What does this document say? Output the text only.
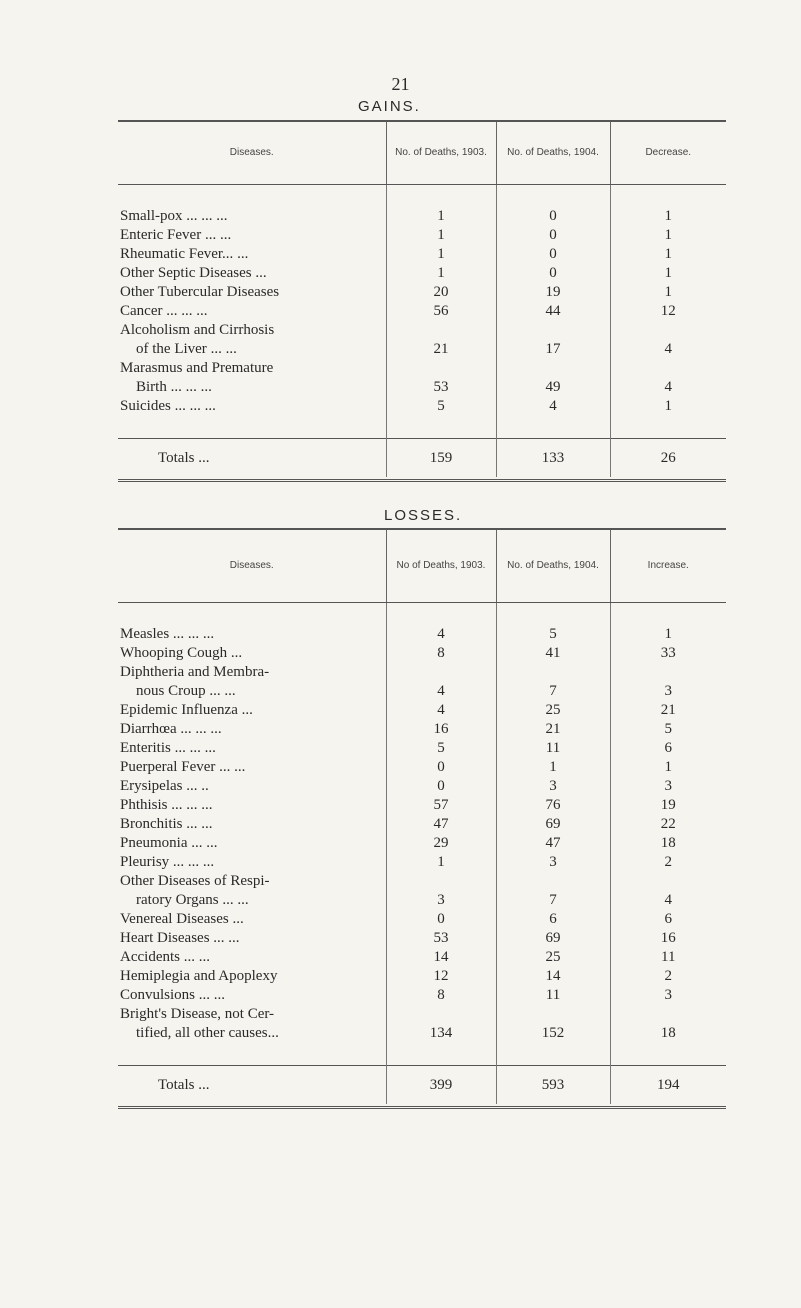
21
GAINS.
Diseases.	No. of Deaths, 1903.	No. of Deaths, 1904.	Decrease.

Small-pox ... ... ...	1	0	1
Enteric Fever ... ...	1	0	1
Rheumatic Fever... ...	1	0	1
Other Septic Diseases ...	1	0	1
Other Tubercular Diseases	20	19	1
Cancer ... ... ...	56	44	12
Alcoholism and Cirrhosis			
of the Liver ... ...	21	17	4
Marasmus and Premature			
Birth ... ... ...	53	49	4
Suicides ... ... ...	5	4	1

Totals ...	159	133	26
LOSSES.
Diseases.	No of Deaths, 1903.	No. of Deaths, 1904.	Increase.

Measles ... ... ...	4	5	1
Whooping Cough ...	8	41	33
Diphtheria and Membra-			
nous Croup ... ...	4	7	3
Epidemic Influenza ...	4	25	21
Diarrhœa ... ... ...	16	21	5
Enteritis ... ... ...	5	11	6
Puerperal Fever ... ...	0	1	1
Erysipelas ... ..	0	3	3
Phthisis ... ... ...	57	76	19
Bronchitis ... ...	47	69	22
Pneumonia ... ...	29	47	18
Pleurisy ... ... ...	1	3	2
Other Diseases of Respi-			
ratory Organs ... ...	3	7	4
Venereal Diseases ...	0	6	6
Heart Diseases ... ...	53	69	16
Accidents ... ...	14	25	11
Hemiplegia and Apoplexy	12	14	2
Convulsions ... ...	8	11	3
Bright's Disease, not Cer-			
tified, all other causes...	134	152	18

Totals ...	399	593	194
